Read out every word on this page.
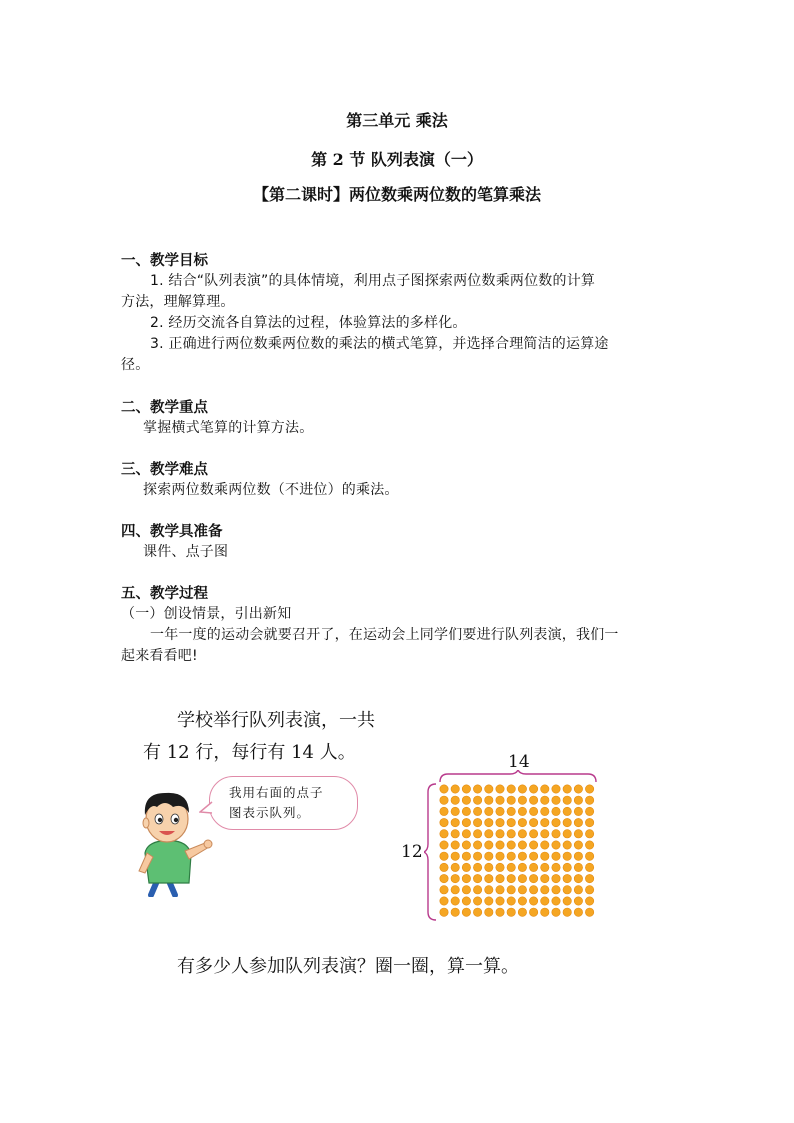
第三单元 乘法
第 2 节 队列表演（一）
【第二课时】两位数乘两位数的笔算乘法
一、教学目标
1. 结合“队列表演”的具体情境，利用点子图探索两位数乘两位数的计算
方法，理解算理。
2. 经历交流各自算法的过程，体验算法的多样化。
3. 正确进行两位数乘两位数的乘法的横式笔算，并选择合理简洁的运算途
径。
二、教学重点
掌握横式笔算的计算方法。
三、教学难点
探索两位数乘两位数（不进位）的乘法。
四、教学具准备
课件、点子图
五、教学过程
（一）创设情景，引出新知
一年一度的运动会就要召开了，在运动会上同学们要进行队列表演，我们一
起来看看吧!
学校举行队列表演，一共
有 12 行，每行有 14 人。
我用右面的点子
图表示队列。
14
12
有多少人参加队列表演？圈一圈，算一算。
